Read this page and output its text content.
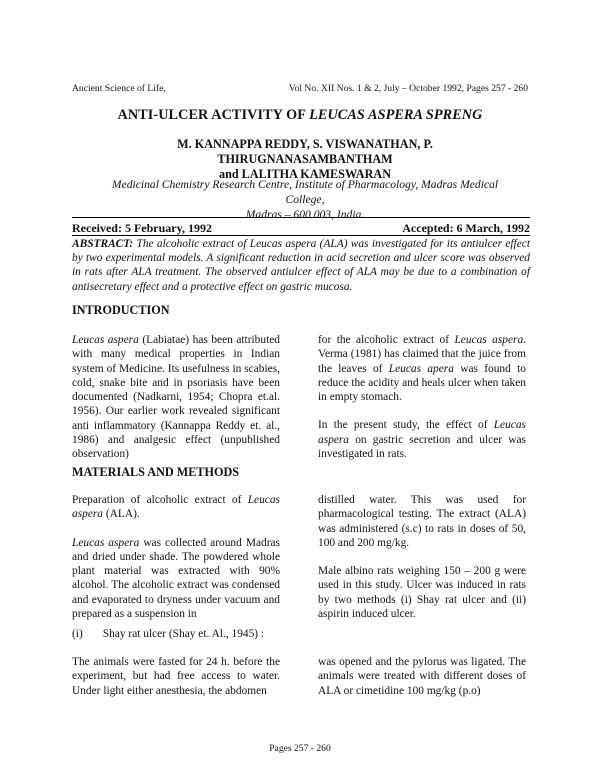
Ancient Science of Life,	Vol No. XII Nos. 1 & 2, July – October 1992, Pages 257 - 260
ANTI-ULCER ACTIVITY OF LEUCAS ASPERA SPRENG
M. KANNAPPA REDDY, S. VISWANATHAN, P. THIRUGNANASAMBANTHAM
and LALITHA KAMESWARAN
Medicinal Chemistry Research Centre, Institute of Pharmacology, Madras Medical College,
Madras – 600 003, India.
Received: 5 February, 1992	Accepted: 6 March, 1992
ABSTRACT: The alcoholic extract of Leucas aspera (ALA) was investigated for its antiulcer effect by two experimental models. A significant reduction in acid secretion and ulcer score was observed in rats after ALA treatment. The observed antiulcer effect of ALA may be due to a combination of antisecretary effect and a protective effect on gastric mucosa.
INTRODUCTION

Leucas aspera (Labiatae) has been attributed with many medical properties in Indian system of Medicine. Its usefulness in scabies, cold, snake bite and in psoriasis have been documented (Nadkarni, 1954; Chopra et.al. 1956). Our earlier work revealed significant anti inflammatory (Kannappa Reddy et. al., 1986) and analgesic effect (unpublished observation)

for the alcoholic extract of Leucas aspera. Verma (1981) has claimed that the juice from the leaves of Leucas apera was found to reduce the acidity and heals ulcer when taken in empty stomach.

In the present study, the effect of Leucas aspera on gastric secretion and ulcer was investigated in rats.

MATERIALS AND METHODS

Preparation of alcoholic extract of Leucas aspera (ALA).

Leucas aspera was collected around Madras and dried under shade. The powdered whole plant material was extracted with 90% alcohol. The alcoholic extract was condensed and evaporated to dryness under vacuum and prepared as a suspension in

distilled water. This was used for pharmacological testing. The extract (ALA) was administered (s.c) to rats in doses of 50, 100 and 200 mg/kg.

Male albino rats weighing 150 – 200 g were used in this study. Ulcer was induced in rats by two methods (i) Shay rat ulcer and (ii) aspirin induced ulcer.

(i) Shay rat ulcer (Shay et. Al., 1945) :
The animals were fasted for 24 h. before the experiment, but had free access to water. Under light either anesthesia, the abdomen
was opened and the pylorus was ligated. The animals were treated with different doses of ALA or cimetidine 100 mg/kg (p.o)
Pages 257 - 260
